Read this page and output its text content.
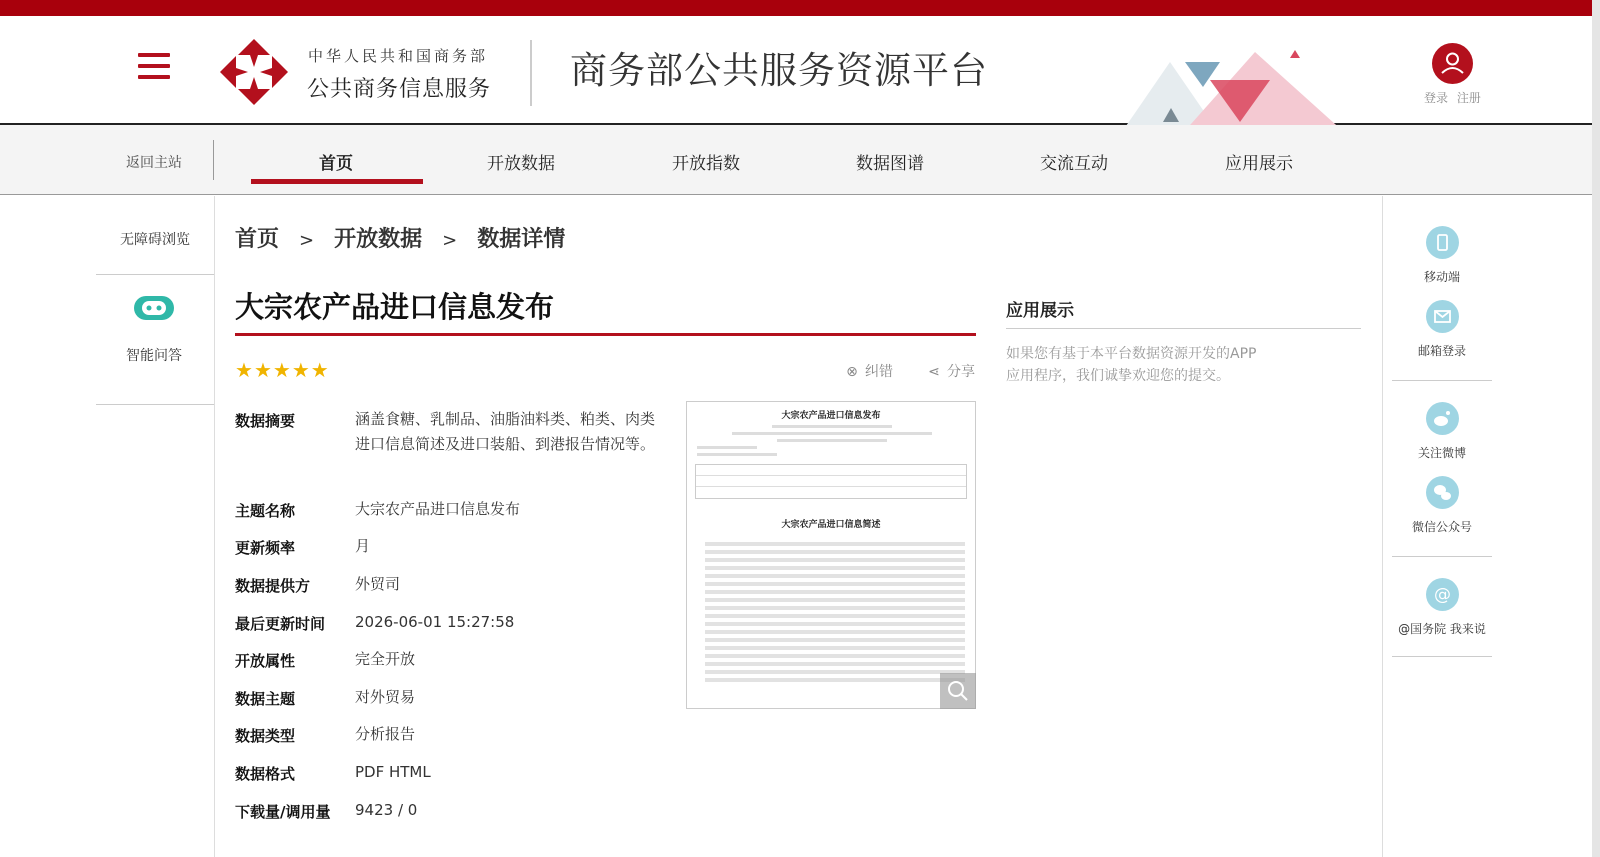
中华人民共和国商务部
公共商务信息服务 商务部公共服务资源平台
登录 注册
返回主站	首页	开放数据	开放指数	数据图谱	交流互动	应用展示
无障碍浏览
智能问答
首页 > 开放数据 > 数据详情
大宗农产品进口信息发布
★★★★★	⊗ 纠错	⋖ 分享
数据摘要	涵盖食糖、乳制品、油脂油料类、粕类、肉类进口信息简述及进口装船、到港报告情况等。
主题名称	大宗农产品进口信息发布
更新频率	月
数据提供方	外贸司
最后更新时间 2026-06-01 15:27:58
开放属性	完全开放
数据主题	对外贸易
数据类型	分析报告
数据格式	PDF HTML
下载量/调用量 9423 / 0
大宗农产品进口信息发布
大宗农产品进口信息简述
应用展示
如果您有基于本平台数据资源开发的APP应用程序，我们诚挚欢迎您的提交。
移动端
邮箱登录
关注微博
微信公众号
@
@国务院 我来说
